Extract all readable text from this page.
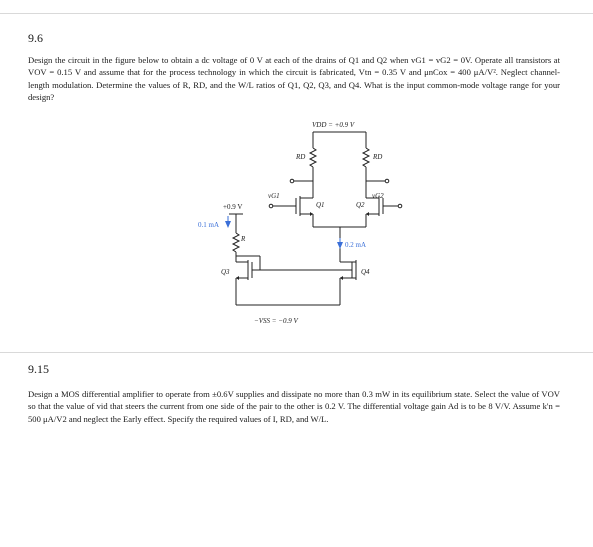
9.6
Design the circuit in the figure below to obtain a dc voltage of 0 V at each of the drains of Q1 and Q2 when vG1 = vG2 = 0V. Operate all transistors at VOV = 0.15 V and assume that for the process technology in which the circuit is fabricated, Vtn = 0.35 V and μnCox = 400 μA/V². Neglect channel-length modulation. Determine the values of R, RD, and the W/L ratios of Q1, Q2, Q3, and Q4. What is the input common-mode voltage range for your design?
VDD = +0.9 V
RD	RD
vG1
Q1
vG2
Q2
0.2 mA
+0.9 V
0.1 mA
R
Q3	Q4
−VSS = −0.9 V
9.15
Design a MOS differential amplifier to operate from ±0.6V supplies and dissipate no more than 0.3 mW in its equilibrium state. Select the value of VOV so that the value of vid that steers the current from one side of the pair to the other is 0.2 V. The differential voltage gain Ad is to be 8 V/V. Assume k'n = 500 μA/V2 and neglect the Early effect. Specify the required values of I, RD, and W/L.
